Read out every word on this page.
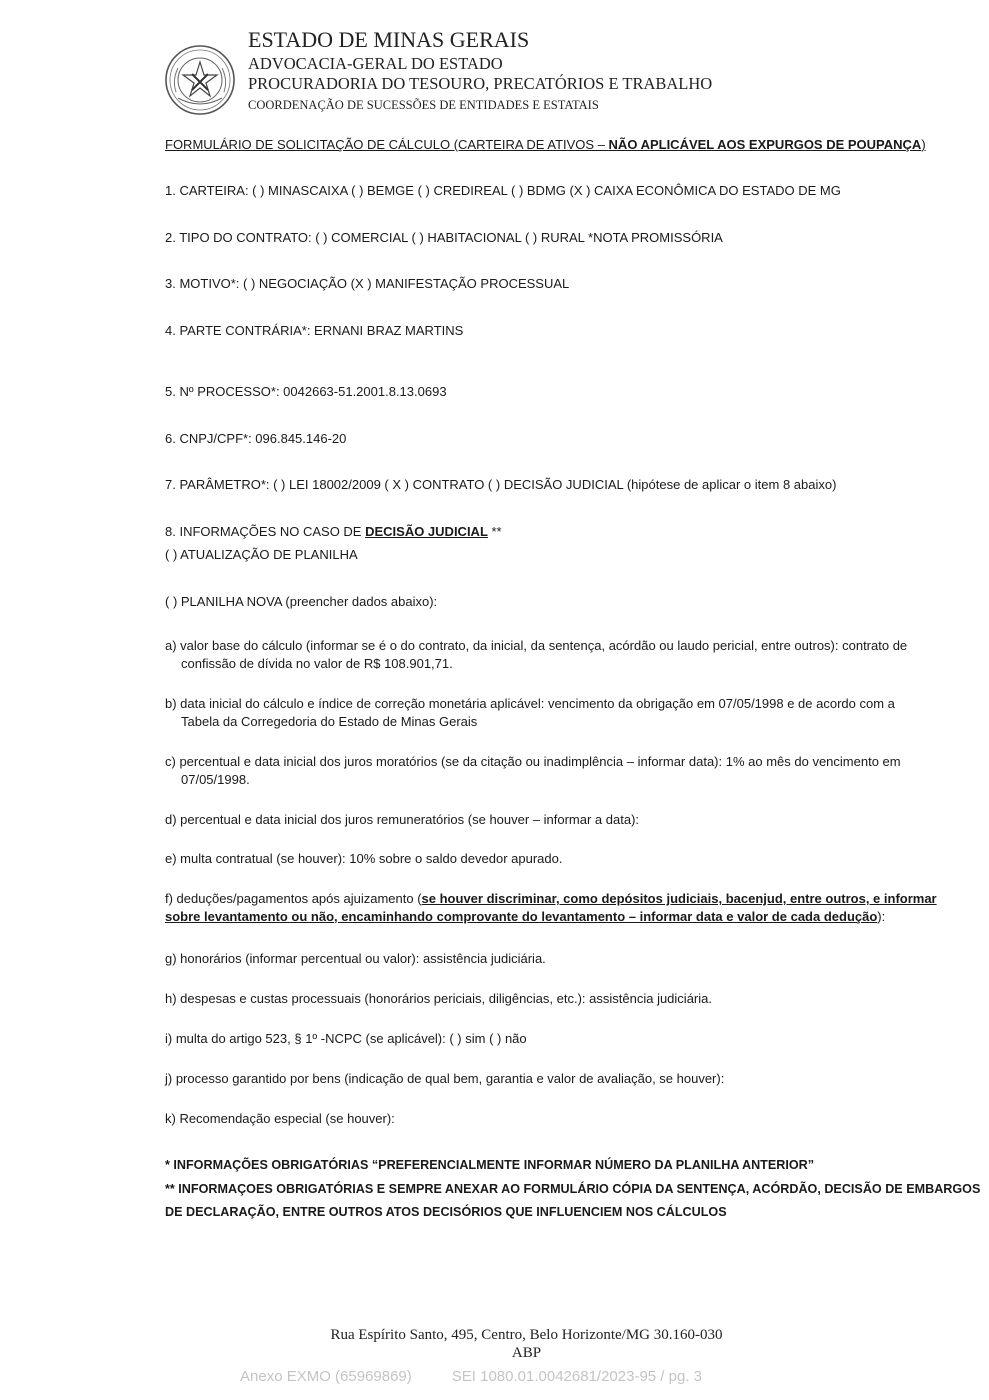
ESTADO DE MINAS GERAIS
ADVOCACIA-GERAL DO ESTADO
PROCURADORIA DO TESOURO, PRECATÓRIOS E TRABALHO
COORDENAÇÃO DE SUCESSÕES DE ENTIDADES E ESTATAIS
FORMULÁRIO DE SOLICITAÇÃO DE CÁLCULO (CARTEIRA DE ATIVOS – NÃO APLICÁVEL AOS EXPURGOS DE POUPANÇA)
1. CARTEIRA: ( ) MINASCAIXA ( ) BEMGE ( ) CREDIREAL ( ) BDMG (X ) CAIXA ECONÔMICA DO ESTADO DE MG
2. TIPO DO CONTRATO: ( ) COMERCIAL ( ) HABITACIONAL ( ) RURAL *NOTA PROMISSÓRIA
3. MOTIVO*: ( ) NEGOCIAÇÃO (X ) MANIFESTAÇÃO PROCESSUAL
4. PARTE CONTRÁRIA*: ERNANI BRAZ MARTINS
5. Nº PROCESSO*: 0042663-51.2001.8.13.0693
6. CNPJ/CPF*: 096.845.146-20
7. PARÂMETRO*: ( ) LEI 18002/2009 ( X ) CONTRATO ( ) DECISÃO JUDICIAL (hipótese de aplicar o item 8 abaixo)
8. INFORMAÇÕES NO CASO DE DECISÃO JUDICIAL **
( ) ATUALIZAÇÃO DE PLANILHA
( ) PLANILHA NOVA (preencher dados abaixo):
a) valor base do cálculo (informar se é o do contrato, da inicial, da sentença, acórdão ou laudo pericial, entre outros): contrato de
confissão de dívida no valor de R$ 108.901,71.
b) data inicial do cálculo e índice de correção monetária aplicável: vencimento da obrigação em 07/05/1998 e de acordo com a
Tabela da Corregedoria do Estado de Minas Gerais
c) percentual e data inicial dos juros moratórios (se da citação ou inadimplência – informar data): 1% ao mês do vencimento em
07/05/1998.
d) percentual e data inicial dos juros remuneratórios (se houver – informar a data):
e) multa contratual (se houver): 10% sobre o saldo devedor apurado.
f) deduções/pagamentos após ajuizamento (se houver discriminar, como depósitos judiciais, bacenjud, entre outros, e informar
sobre levantamento ou não, encaminhando comprovante do levantamento – informar data e valor de cada dedução):
g) honorários (informar percentual ou valor): assistência judiciária.
h) despesas e custas processuais (honorários periciais, diligências, etc.): assistência judiciária.
i) multa do artigo 523, § 1º -NCPC (se aplicável): ( ) sim ( ) não
j) processo garantido por bens (indicação de qual bem, garantia e valor de avaliação, se houver):
k) Recomendação especial (se houver):
* INFORMAÇÕES OBRIGATÓRIAS “PREFERENCIALMENTE INFORMAR NÚMERO DA PLANILHA ANTERIOR”
** INFORMAÇOES OBRIGATÓRIAS E SEMPRE ANEXAR AO FORMULÁRIO CÓPIA DA SENTENÇA, ACÓRDÃO, DECISÃO DE EMBARGOS
DE DECLARAÇÃO, ENTRE OUTROS ATOS DECISÓRIOS QUE INFLUENCIEM NOS CÁLCULOS
Rua Espírito Santo, 495, Centro, Belo Horizonte/MG 30.160-030
ABP
Anexo EXMO (65969869)	SEI 1080.01.0042681/2023-95 / pg. 3
